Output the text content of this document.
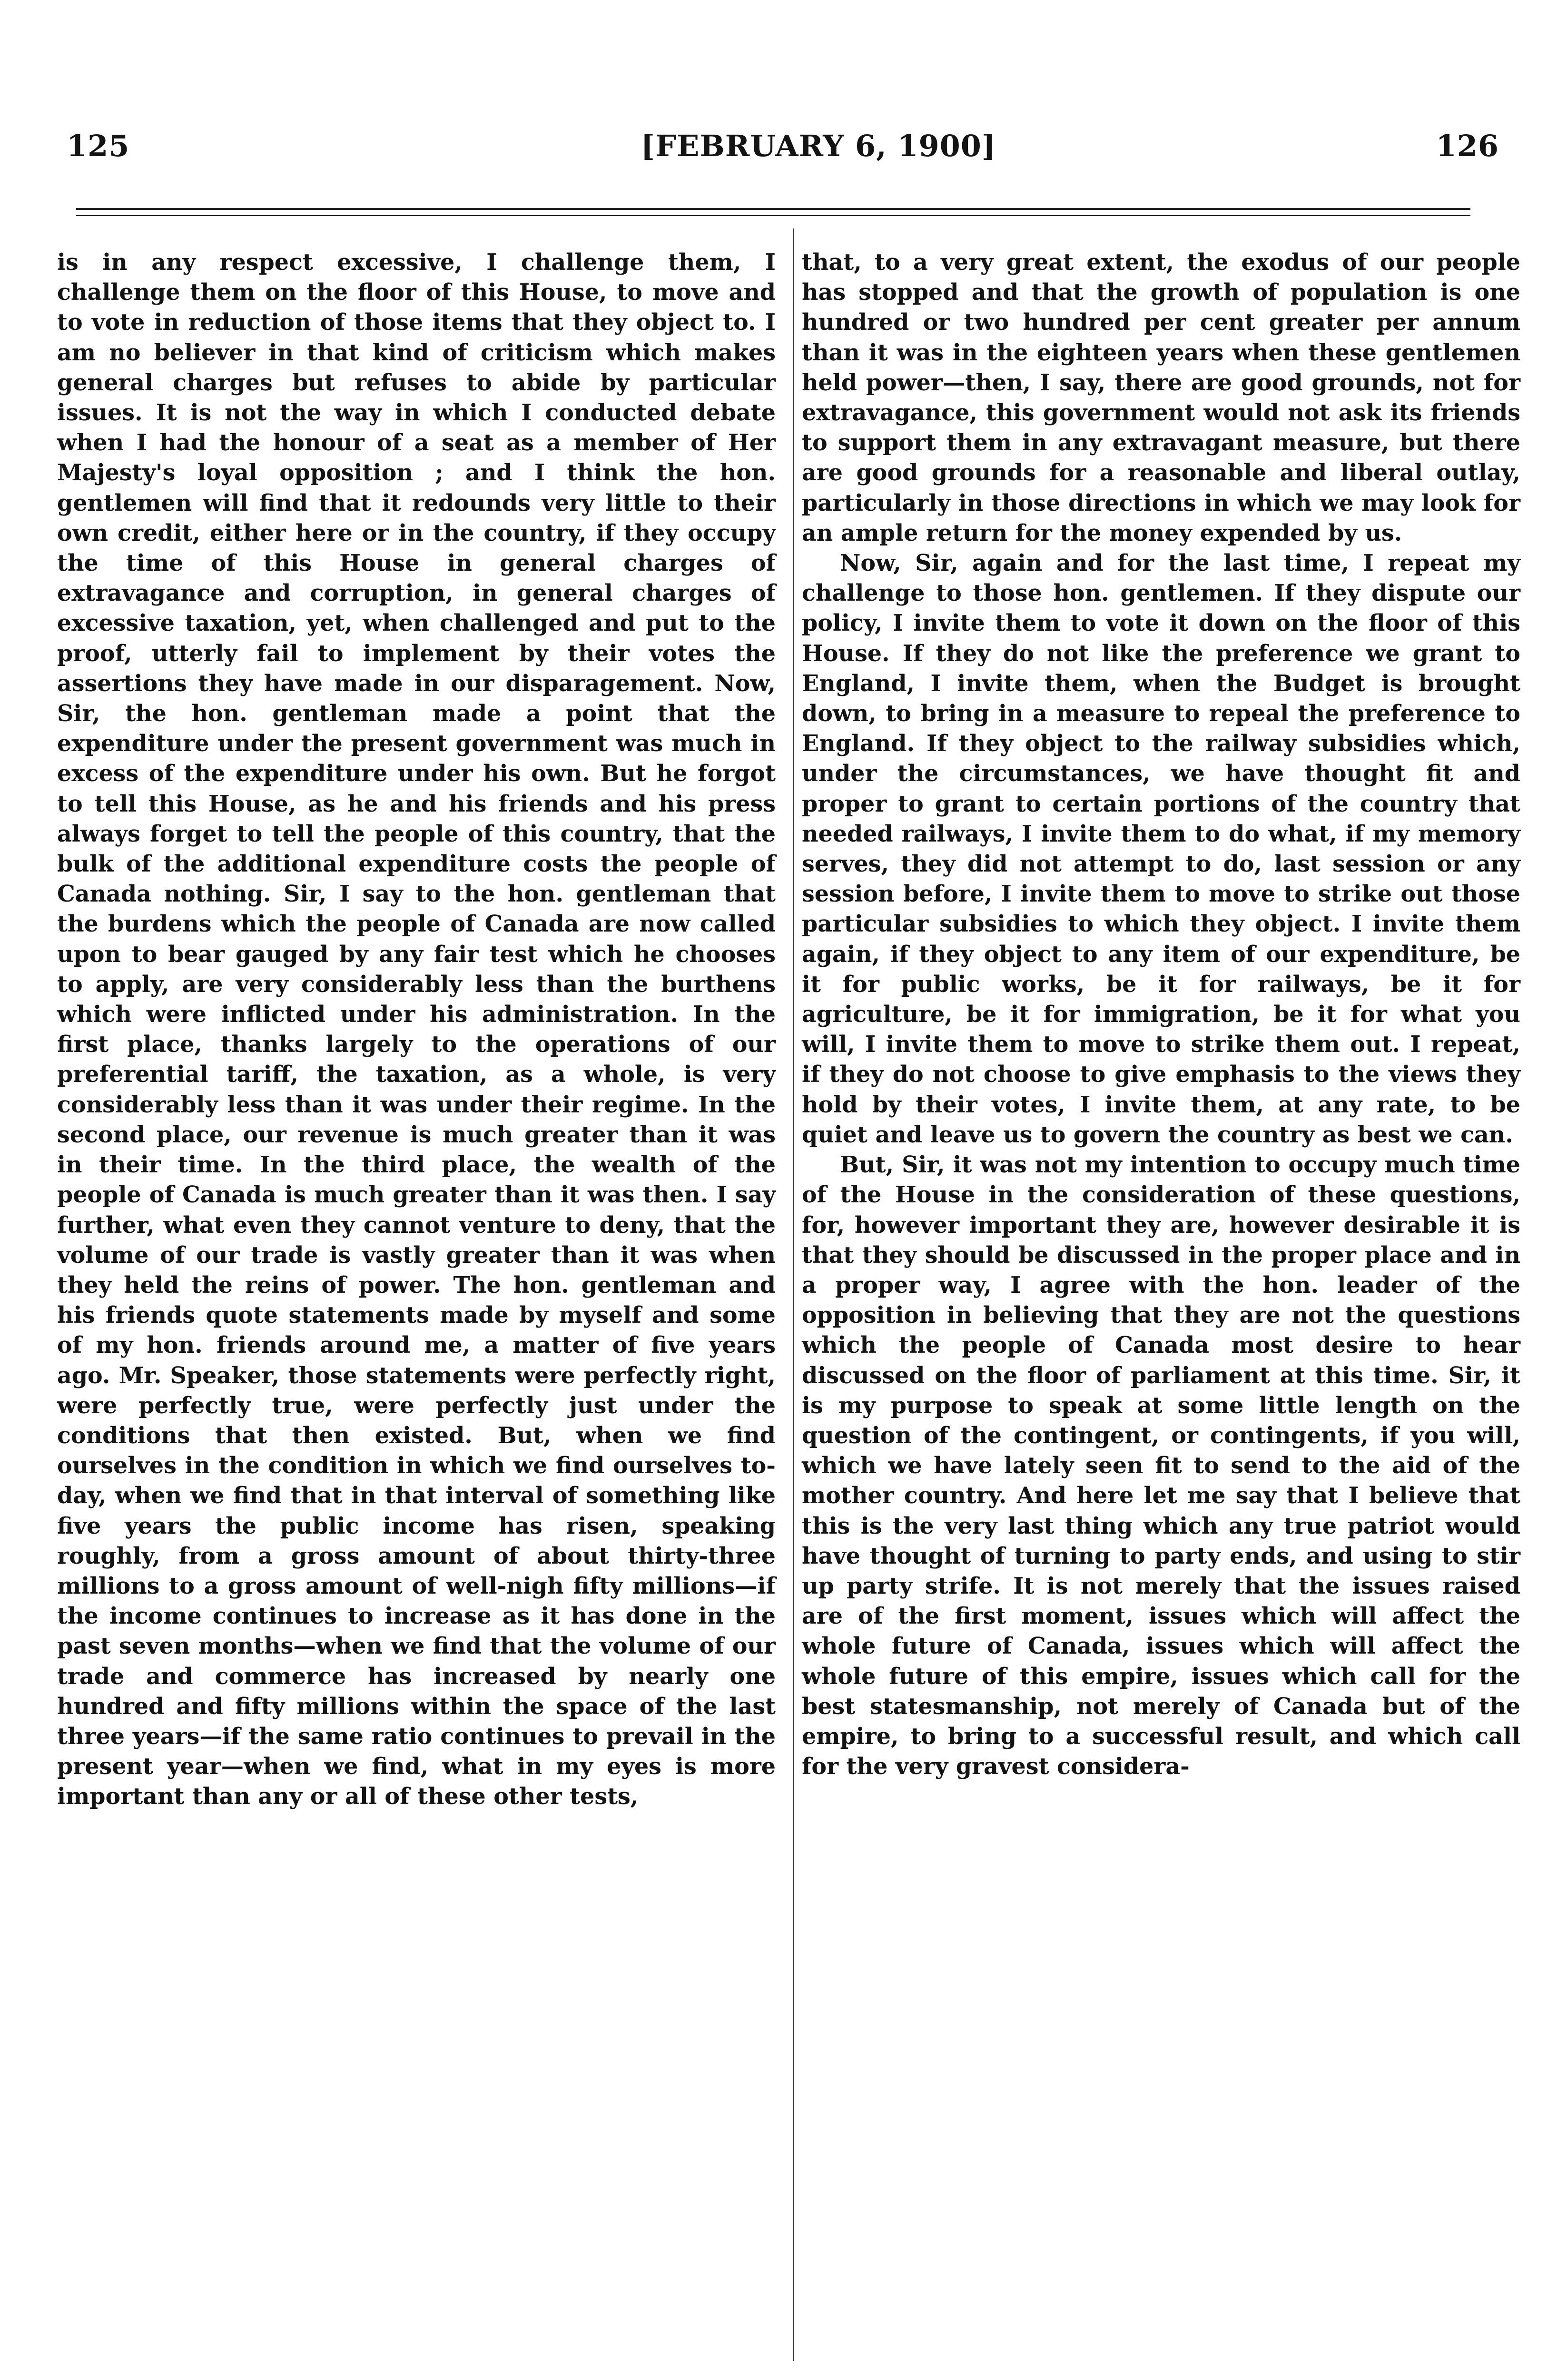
125	[FEBRUARY 6, 1900]	126

is in any respect excessive, I challenge them, I challenge them on the floor of this House, to move and to vote in reduction of those items that they object to. I am no believer in that kind of criticism which makes general charges but refuses to abide by particular issues. It is not the way in which I conducted debate when I had the honour of a seat as a member of Her Majesty's loyal opposition ; and I think the hon. gentlemen will find that it redounds very little to their own credit, either here or in the country, if they occupy the time of this House in general charges of extravagance and corruption, in general charges of excessive taxation, yet, when challenged and put to the proof, utterly fail to implement by their votes the assertions they have made in our disparagement. Now, Sir, the hon. gentleman made a point that the expenditure under the present government was much in excess of the expenditure under his own. But he forgot to tell this House, as he and his friends and his press always forget to tell the people of this country, that the bulk of the additional expenditure costs the people of Canada nothing. Sir, I say to the hon. gentleman that the burdens which the people of Canada are now called upon to bear gauged by any fair test which he chooses to apply, are very considerably less than the burthens which were inflicted under his administration. In the first place, thanks largely to the operations of our preferential tariff, the taxation, as a whole, is very considerably less than it was under their regime. In the second place, our revenue is much greater than it was in their time. In the third place, the wealth of the people of Canada is much greater than it was then. I say further, what even they cannot venture to deny, that the volume of our trade is vastly greater than it was when they held the reins of power. The hon. gentleman and his friends quote statements made by myself and some of my hon. friends around me, a matter of five years ago. Mr. Speaker, those statements were perfectly right, were perfectly true, were perfectly just under the conditions that then existed. But, when we find ourselves in the condition in which we find ourselves to-day, when we find that in that interval of something like five years the public income has risen, speaking roughly, from a gross amount of about thirty-three millions to a gross amount of well-nigh fifty millions—if the income continues to increase as it has done in the past seven months—when we find that the volume of our trade and commerce has increased by nearly one hundred and fifty millions within the space of the last three years—if the same ratio continues to prevail in the present year—when we find, what in my eyes is more important than any or all of these other tests,

that, to a very great extent, the exodus of our people has stopped and that the growth of population is one hundred or two hundred per cent greater per annum than it was in the eighteen years when these gentlemen held power—then, I say, there are good grounds, not for extravagance, this government would not ask its friends to support them in any extravagant measure, but there are good grounds for a reasonable and liberal outlay, particularly in those directions in which we may look for an ample return for the money expended by us.

Now, Sir, again and for the last time, I repeat my challenge to those hon. gentlemen. If they dispute our policy, I invite them to vote it down on the floor of this House. If they do not like the preference we grant to England, I invite them, when the Budget is brought down, to bring in a measure to repeal the preference to England. If they object to the railway subsidies which, under the circumstances, we have thought fit and proper to grant to certain portions of the country that needed railways, I invite them to do what, if my memory serves, they did not attempt to do, last session or any session before, I invite them to move to strike out those particular subsidies to which they object. I invite them again, if they object to any item of our expenditure, be it for public works, be it for railways, be it for agriculture, be it for immigration, be it for what you will, I invite them to move to strike them out. I repeat, if they do not choose to give emphasis to the views they hold by their votes, I invite them, at any rate, to be quiet and leave us to govern the country as best we can.

But, Sir, it was not my intention to occupy much time of the House in the consideration of these questions, for, however important they are, however desirable it is that they should be discussed in the proper place and in a proper way, I agree with the hon. leader of the opposition in believing that they are not the questions which the people of Canada most desire to hear discussed on the floor of parliament at this time. Sir, it is my purpose to speak at some little length on the question of the contingent, or contingents, if you will, which we have lately seen fit to send to the aid of the mother country. And here let me say that I believe that this is the very last thing which any true patriot would have thought of turning to party ends, and using to stir up party strife. It is not merely that the issues raised are of the first moment, issues which will affect the whole future of Canada, issues which will affect the whole future of this empire, issues which call for the best statesmanship, not merely of Canada but of the empire, to bring to a successful result, and which call for the very gravest considera-
